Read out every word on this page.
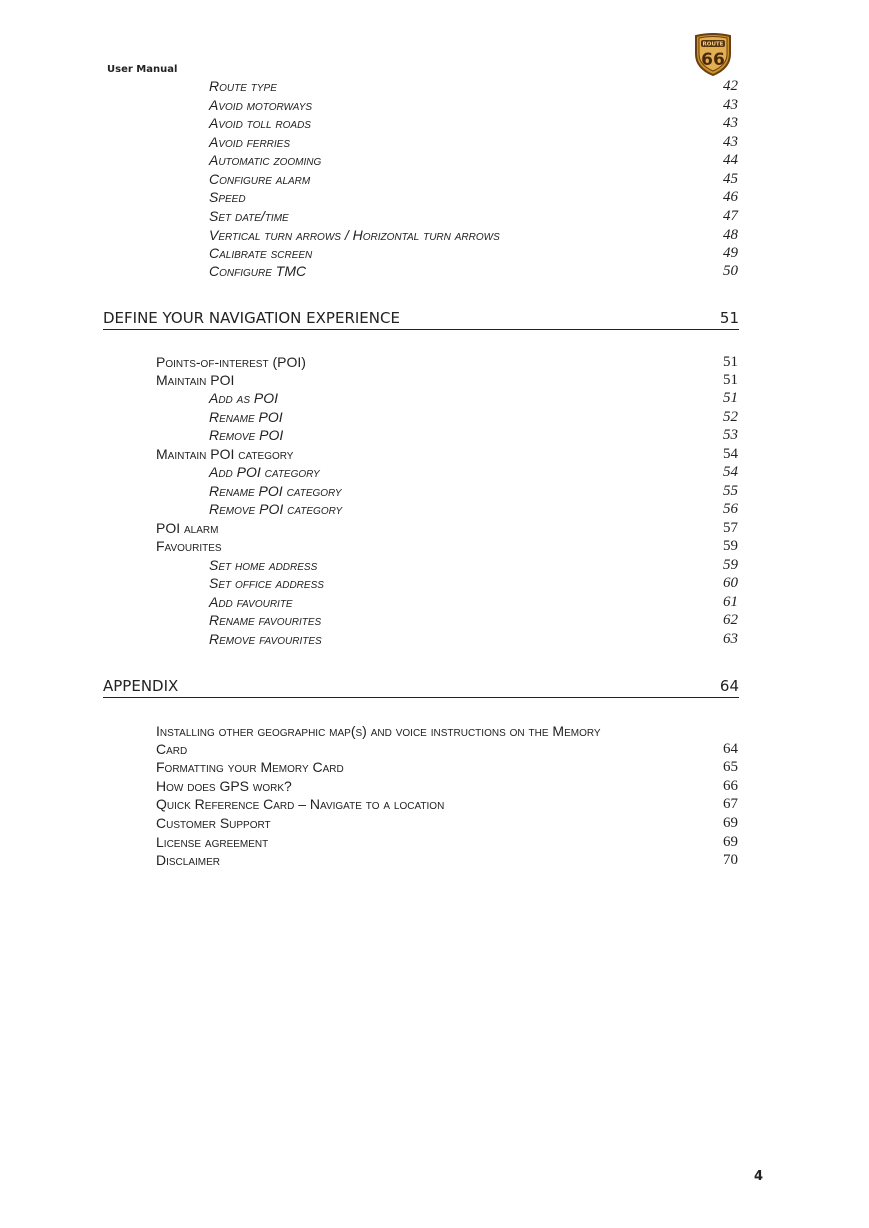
User Manual
ROUTE
66
Route type	42
Avoid motorways	43
Avoid toll roads	43
Avoid ferries	43
Automatic zooming	44
Configure alarm	45
Speed	46
Set date/time	47
Vertical turn arrows / Horizontal turn arrows	48
Calibrate screen	49
Configure TMC	50
DEFINE YOUR NAVIGATION EXPERIENCE	51
Points-of-interest (POI)	51
Maintain POI	51
Add as POI	51
Rename POI	52
Remove POI	53
Maintain POI category	54
Add POI category	54
Rename POI category	55
Remove POI category	56
POI alarm	57
Favourites	59
Set home address	59
Set office address	60
Add favourite	61
Rename favourites	62
Remove favourites	63
APPENDIX	64
Installing other geographic map(s) and voice instructions on the Memory
Card	64
Formatting your Memory Card	65
How does GPS work?	66
Quick Reference Card – Navigate to a location	67
Customer Support	69
License agreement	69
Disclaimer	70
4
